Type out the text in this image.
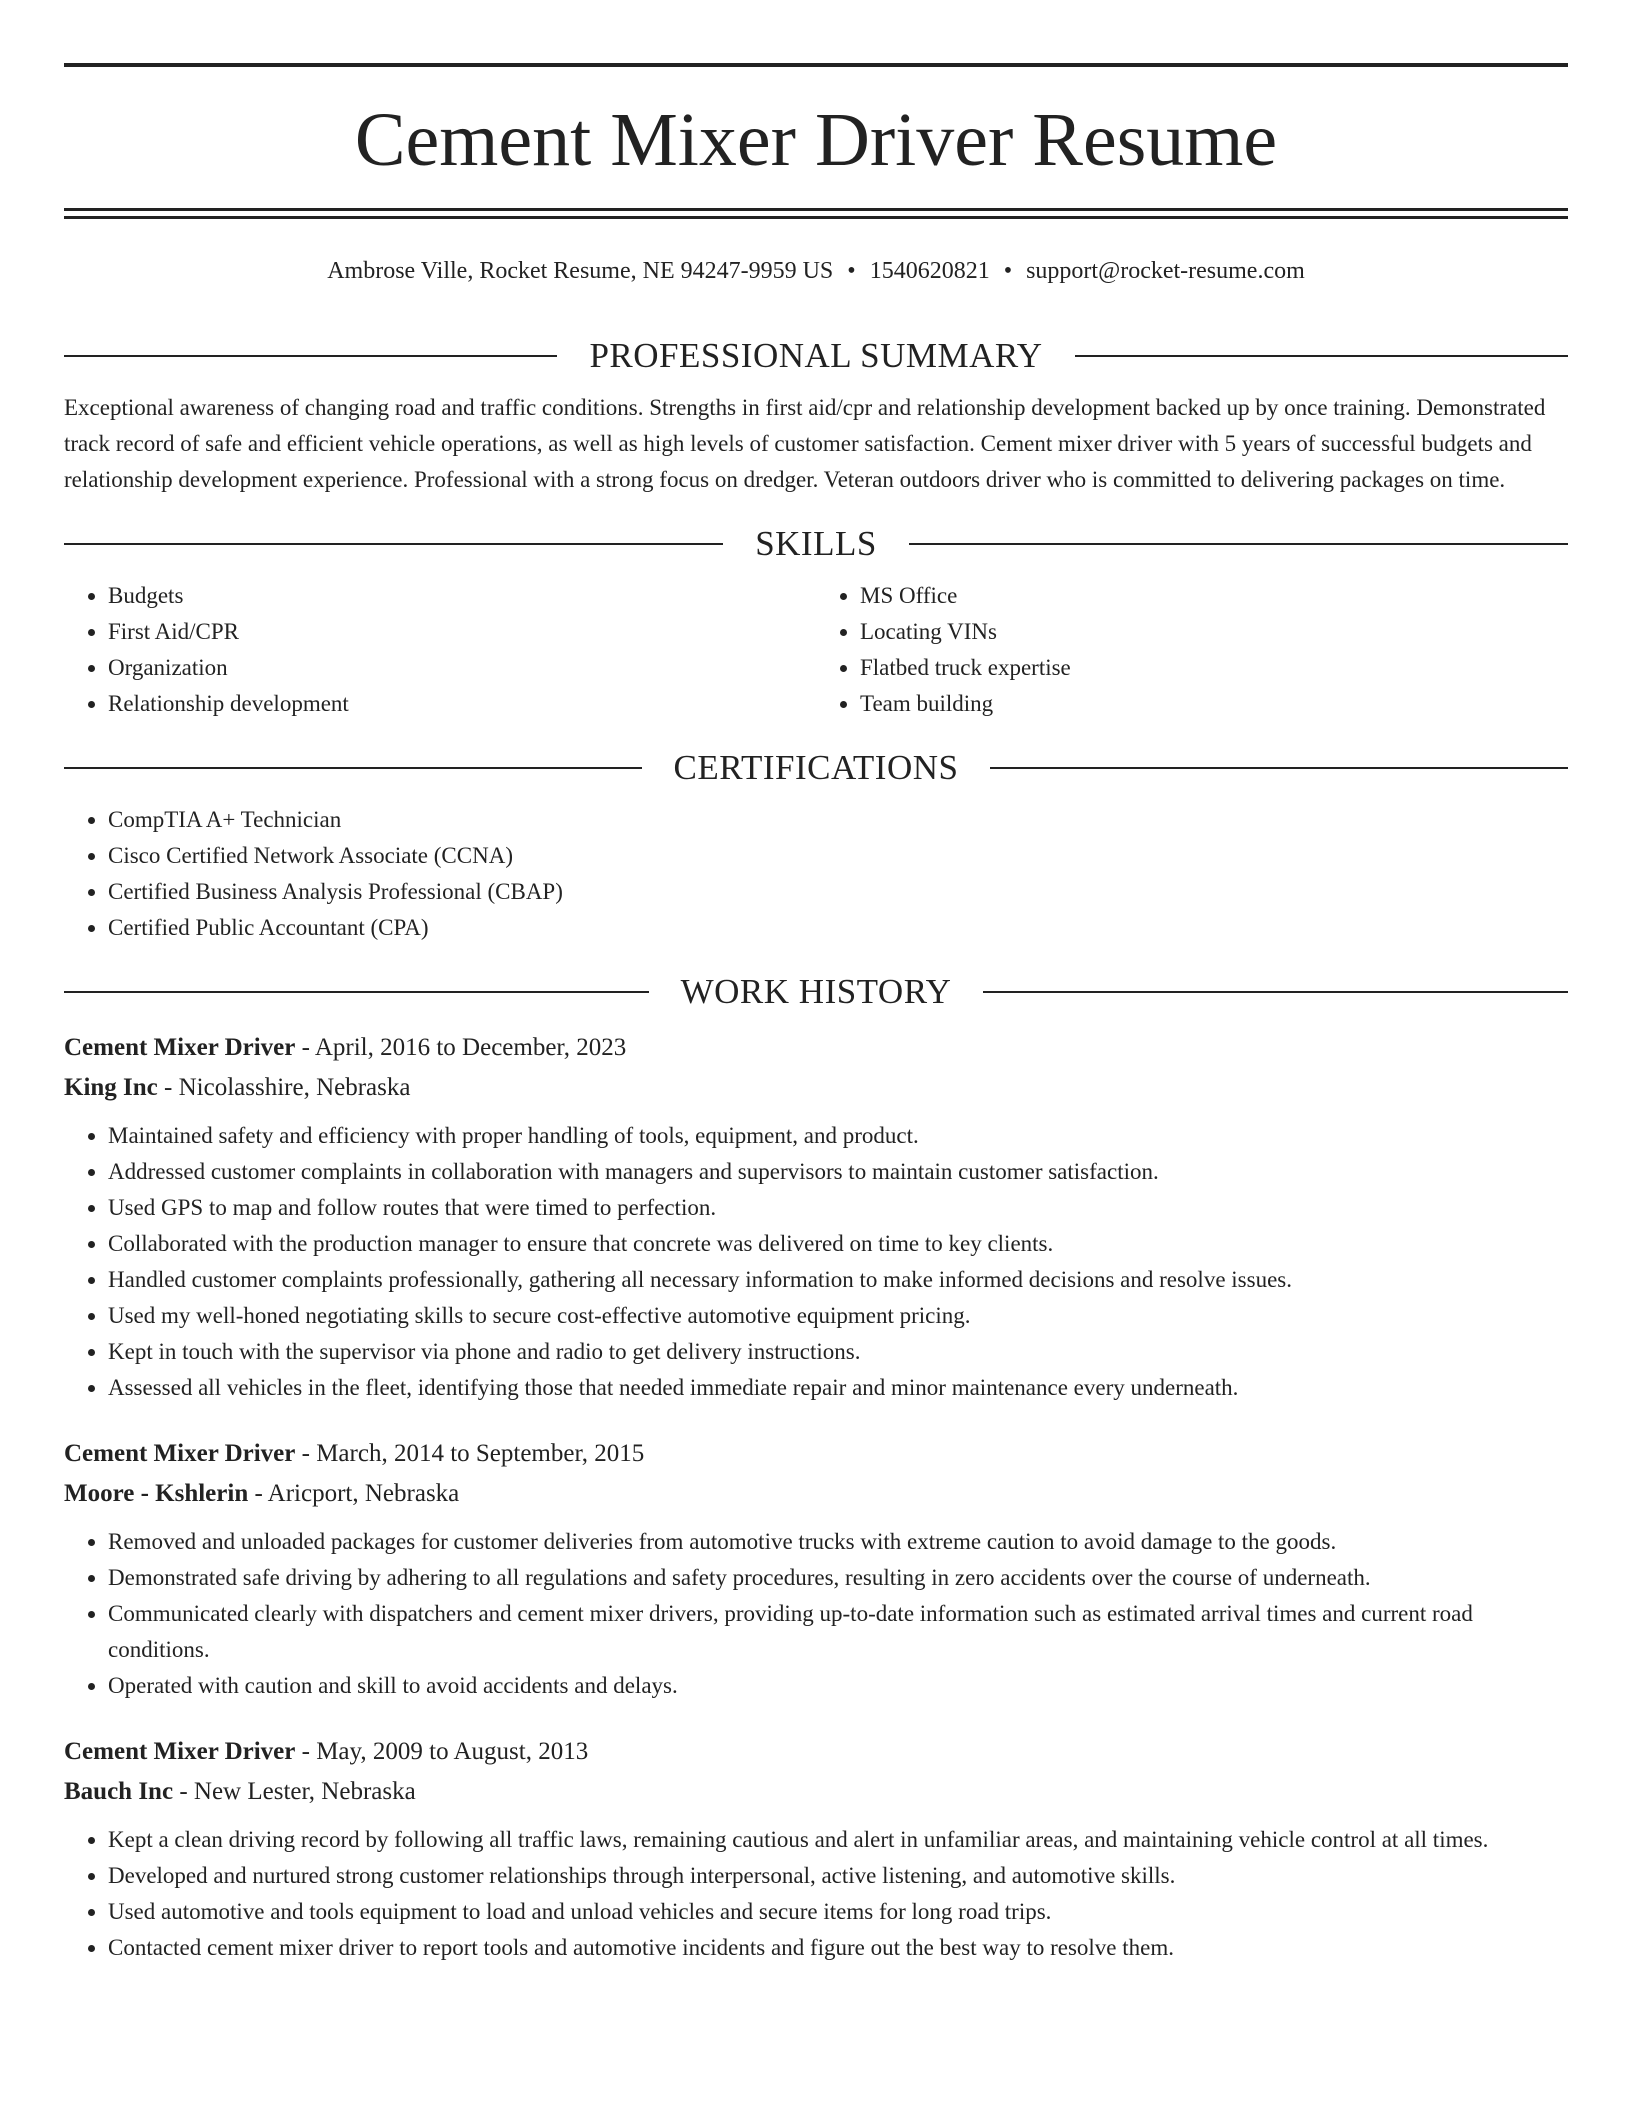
Cement Mixer Driver Resume
Ambrose Ville, Rocket Resume, NE 94247-9959 US • 1540620821 • support@rocket-resume.com
PROFESSIONAL SUMMARY

Exceptional awareness of changing road and traffic conditions. Strengths in first aid/cpr and relationship development backed up by once training. Demonstrated track record of safe and efficient vehicle operations, as well as high levels of customer satisfaction. Cement mixer driver with 5 years of successful budgets and relationship development experience. Professional with a strong focus on dredger. Veteran outdoors driver who is committed to delivering packages on time.

SKILLS
• Budgets
• First Aid/CPR
• Organization
• Relationship development
• MS Office
• Locating VINs
• Flatbed truck expertise
• Team building
CERTIFICATIONS
• CompTIA A+ Technician
• Cisco Certified Network Associate (CCNA)
• Certified Business Analysis Professional (CBAP)
• Certified Public Accountant (CPA)
WORK HISTORY
Cement Mixer Driver - April, 2016 to December, 2023
King Inc - Nicolasshire, Nebraska
• Maintained safety and efficiency with proper handling of tools, equipment, and product.
• Addressed customer complaints in collaboration with managers and supervisors to maintain customer satisfaction.
• Used GPS to map and follow routes that were timed to perfection.
• Collaborated with the production manager to ensure that concrete was delivered on time to key clients.
• Handled customer complaints professionally, gathering all necessary information to make informed decisions and resolve issues.
• Used my well-honed negotiating skills to secure cost-effective automotive equipment pricing.
• Kept in touch with the supervisor via phone and radio to get delivery instructions.
• Assessed all vehicles in the fleet, identifying those that needed immediate repair and minor maintenance every underneath.
Cement Mixer Driver - March, 2014 to September, 2015
Moore - Kshlerin - Aricport, Nebraska
• Removed and unloaded packages for customer deliveries from automotive trucks with extreme caution to avoid damage to the goods.
• Demonstrated safe driving by adhering to all regulations and safety procedures, resulting in zero accidents over the course of underneath.
• Communicated clearly with dispatchers and cement mixer drivers, providing up-to-date information such as estimated arrival times and current road conditions.
• Operated with caution and skill to avoid accidents and delays.
Cement Mixer Driver - May, 2009 to August, 2013
Bauch Inc - New Lester, Nebraska
• Kept a clean driving record by following all traffic laws, remaining cautious and alert in unfamiliar areas, and maintaining vehicle control at all times.
• Developed and nurtured strong customer relationships through interpersonal, active listening, and automotive skills.
• Used automotive and tools equipment to load and unload vehicles and secure items for long road trips.
• Contacted cement mixer driver to report tools and automotive incidents and figure out the best way to resolve them.
